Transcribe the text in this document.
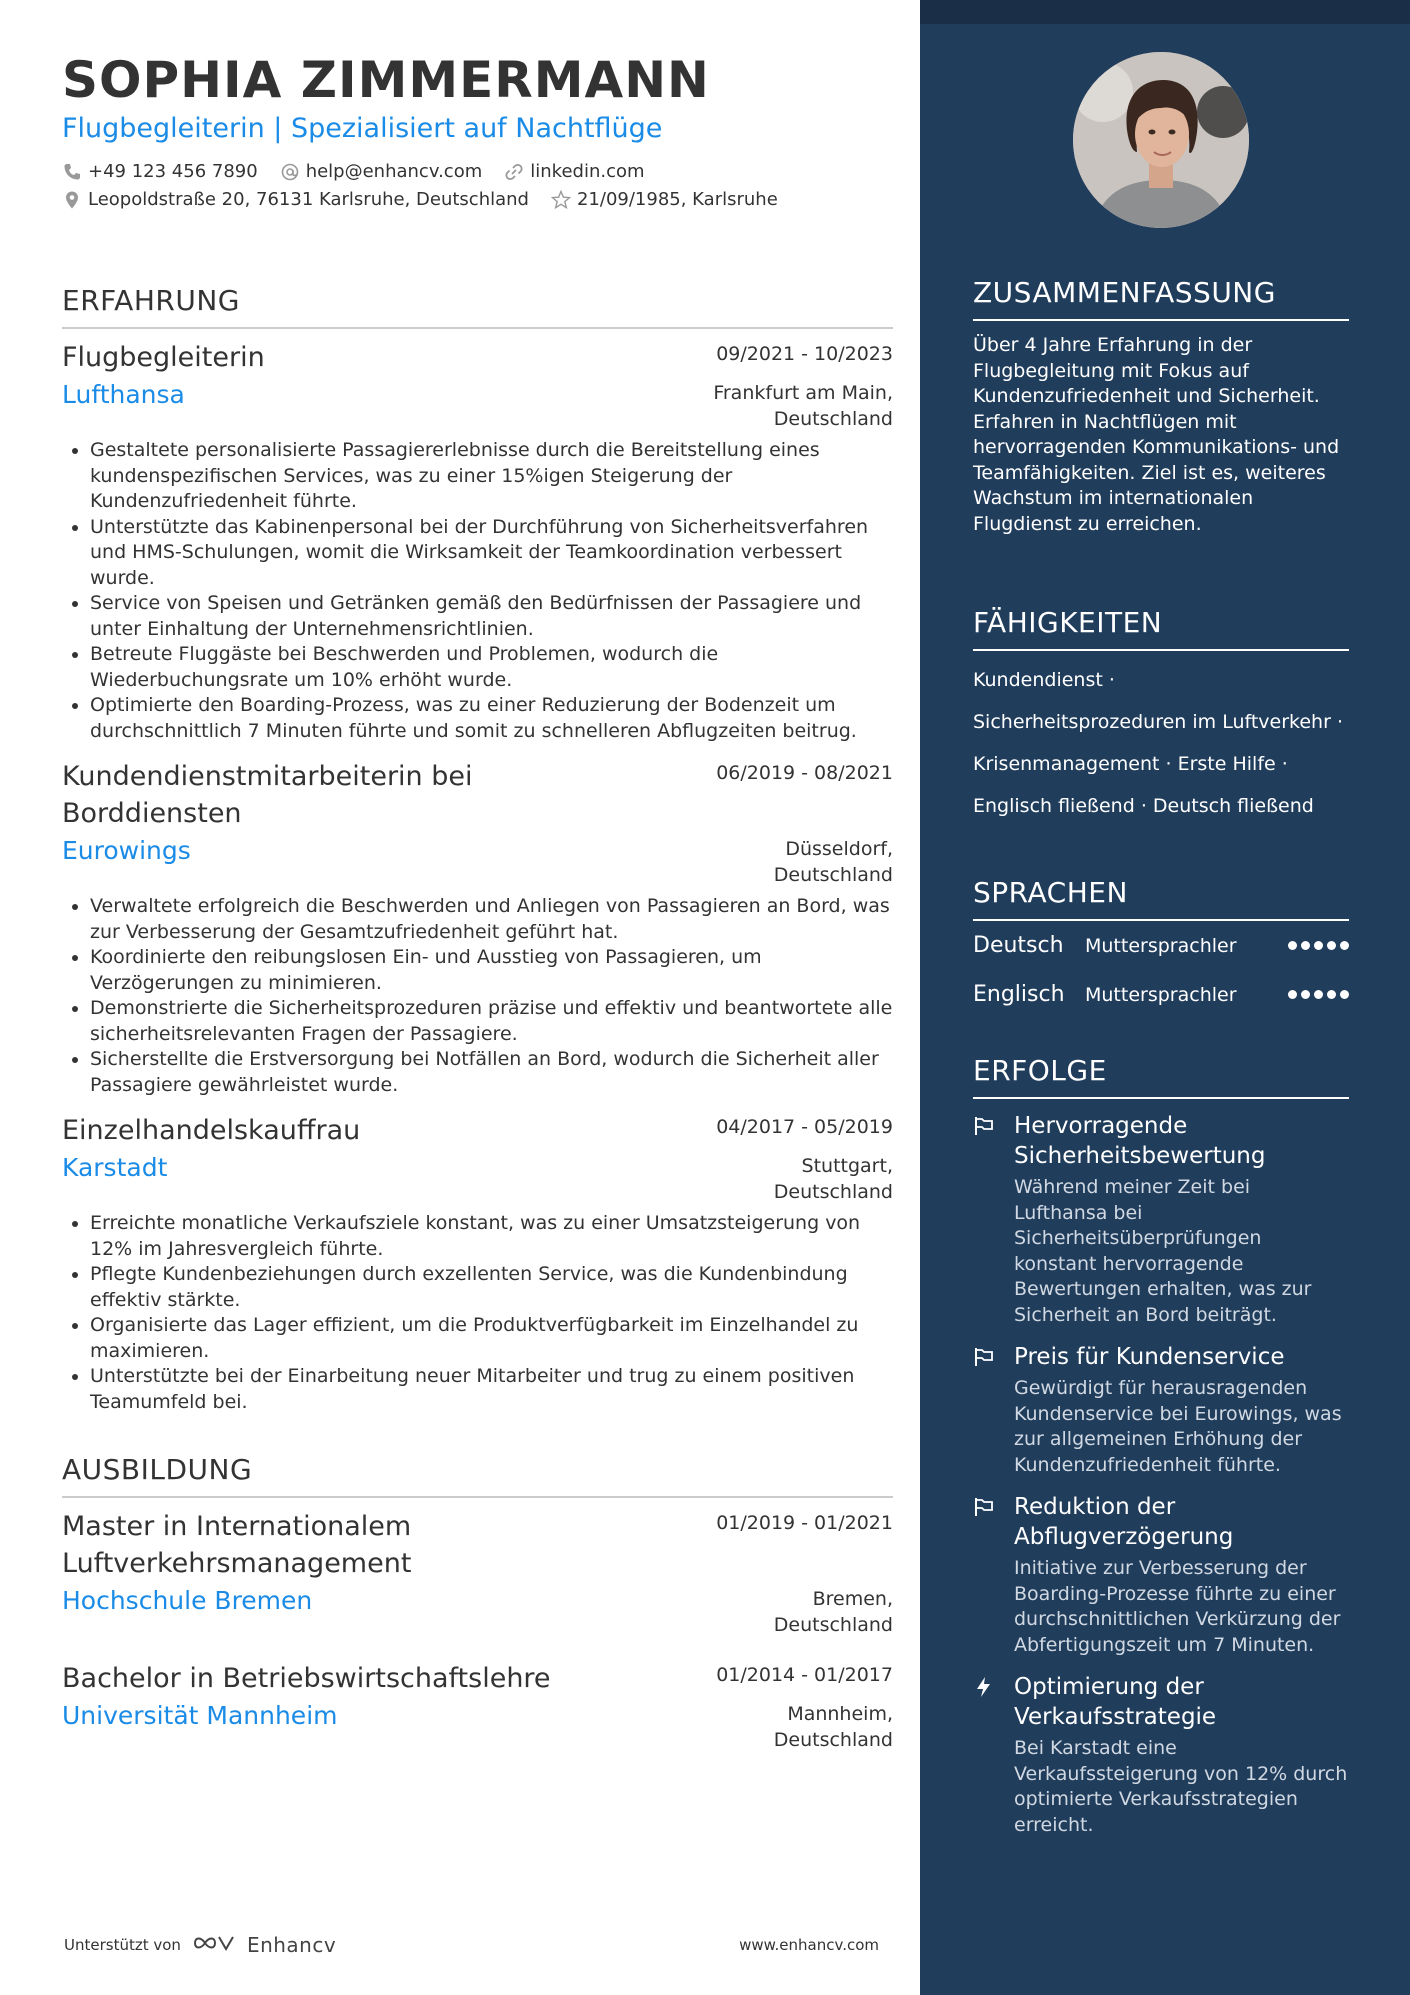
SOPHIA ZIMMERMANN
Flugbegleiterin | Spezialisiert auf Nachtflüge
+49 123 456 7890	help@enhancv.com	linkedin.com
Leopoldstraße 20, 76131 Karlsruhe, Deutschland	21/09/1985, Karlsruhe
ERFAHRUNG
Flugbegleiterin	09/2021 - 10/2023
Lufthansa	Frankfurt am Main,
Deutschland
• Gestaltete personalisierte Passagiererlebnisse durch die Bereitstellung eines kundenspezifischen Services, was zu einer 15%igen Steigerung der Kundenzufriedenheit führte.
• Unterstützte das Kabinenpersonal bei der Durchführung von Sicherheitsverfahren und HMS-Schulungen, womit die Wirksamkeit der Teamkoordination verbessert wurde.
• Service von Speisen und Getränken gemäß den Bedürfnissen der Passagiere und unter Einhaltung der Unternehmensrichtlinien.
• Betreute Fluggäste bei Beschwerden und Problemen, wodurch die Wiederbuchungsrate um 10% erhöht wurde.
• Optimierte den Boarding-Prozess, was zu einer Reduzierung der Bodenzeit um durchschnittlich 7 Minuten führte und somit zu schnelleren Abflugzeiten beitrug.
Kundendienstmitarbeiterin bei Borddiensten
06/2019 - 08/2021
Eurowings	Düsseldorf,
Deutschland
• Verwaltete erfolgreich die Beschwerden und Anliegen von Passagieren an Bord, was zur Verbesserung der Gesamtzufriedenheit geführt hat.
• Koordinierte den reibungslosen Ein- und Ausstieg von Passagieren, um Verzögerungen zu minimieren.
• Demonstrierte die Sicherheitsprozeduren präzise und effektiv und beantwortete alle sicherheitsrelevanten Fragen der Passagiere.
• Sicherstellte die Erstversorgung bei Notfällen an Bord, wodurch die Sicherheit aller Passagiere gewährleistet wurde.
Einzelhandelskauffrau	04/2017 - 05/2019
Karstadt	Stuttgart,
Deutschland
• Erreichte monatliche Verkaufsziele konstant, was zu einer Umsatzsteigerung von 12% im Jahresvergleich führte.
• Pflegte Kundenbeziehungen durch exzellenten Service, was die Kundenbindung effektiv stärkte.
• Organisierte das Lager effizient, um die Produktverfügbarkeit im Einzelhandel zu maximieren.
• Unterstützte bei der Einarbeitung neuer Mitarbeiter und trug zu einem positiven Teamumfeld bei.
AUSBILDUNG
Master in Internationalem Luftverkehrsmanagement
01/2019 - 01/2021
Hochschule Bremen	Bremen,
Deutschland
Bachelor in Betriebswirtschaftslehre	01/2014 - 01/2017
Universität Mannheim	Mannheim,
Deutschland
Unterstützt von	Enhancv	www.enhancv.com
ZUSAMMENFASSUNG

Über 4 Jahre Erfahrung in der Flugbegleitung mit Fokus auf Kundenzufriedenheit und Sicherheit. Erfahren in Nachtflügen mit hervorragenden Kommunikations- und Teamfähigkeiten. Ziel ist es, weiteres Wachstum im internationalen Flugdienst zu erreichen.

FÄHIGKEITEN
Kundendienst ·
Sicherheitsprozeduren im Luftverkehr ·
Krisenmanagement · Erste Hilfe ·
Englisch fließend · Deutsch fließend
SPRACHEN
Deutsch	Muttersprachler
Englisch	Muttersprachler
ERFOLGE
Hervorragende Sicherheitsbewertung
Während meiner Zeit bei Lufthansa bei Sicherheitsüberprüfungen konstant hervorragende Bewertungen erhalten, was zur Sicherheit an Bord beiträgt.
Preis für Kundenservice
Gewürdigt für herausragenden Kundenservice bei Eurowings, was zur allgemeinen Erhöhung der Kundenzufriedenheit führte.
Reduktion der Abflugverzögerung
Initiative zur Verbesserung der Boarding-Prozesse führte zu einer durchschnittlichen Verkürzung der Abfertigungszeit um 7 Minuten.
Optimierung der Verkaufsstrategie
Bei Karstadt eine Verkaufssteigerung von 12% durch optimierte Verkaufsstrategien erreicht.
